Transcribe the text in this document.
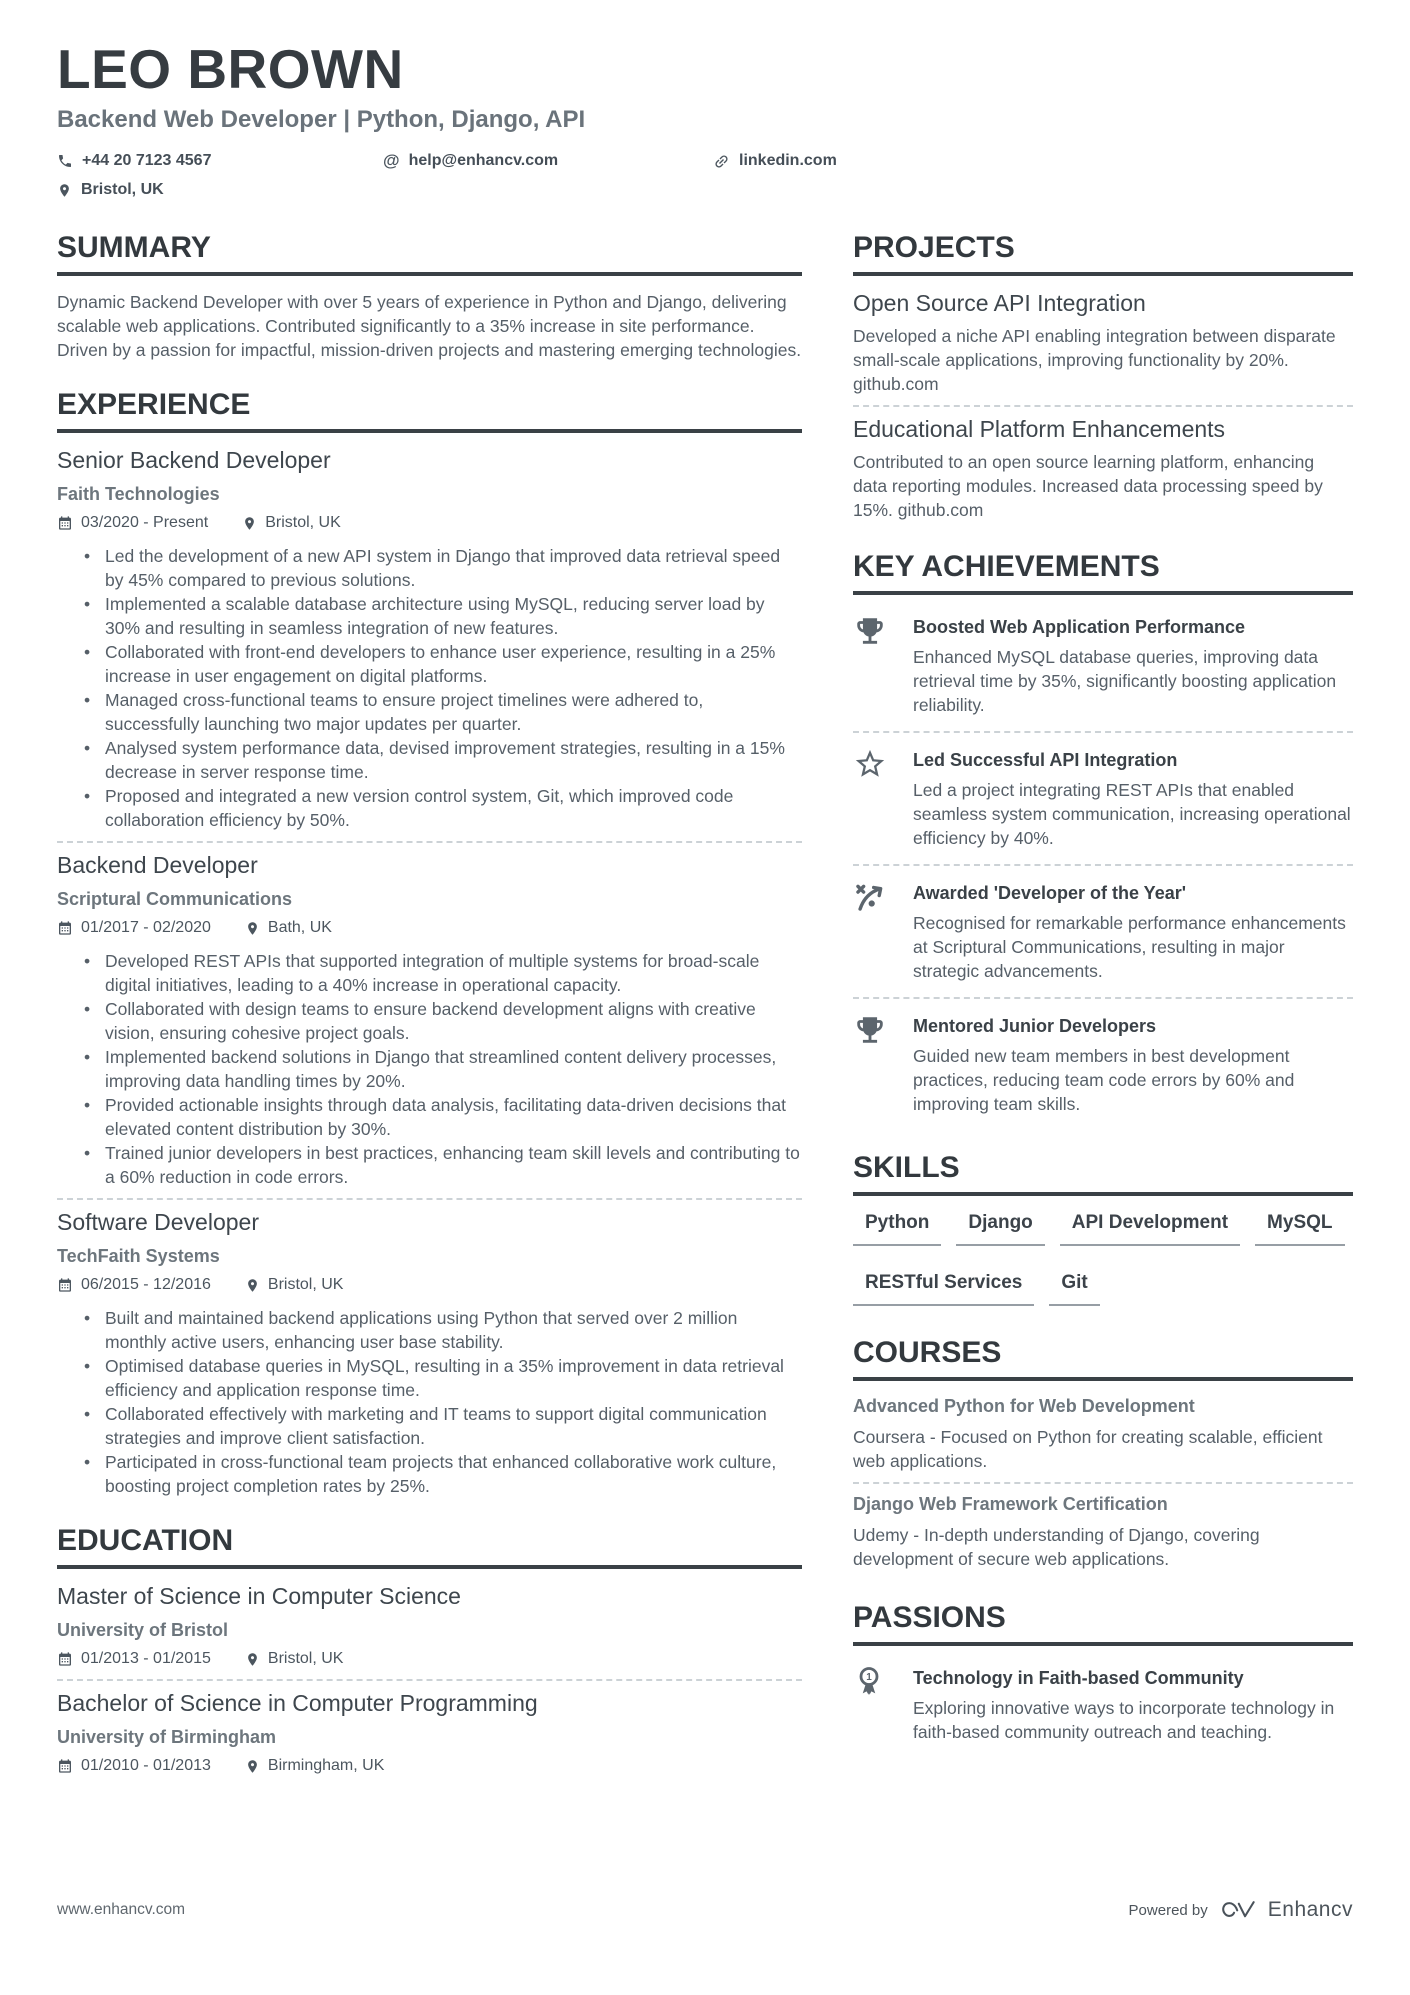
LEO BROWN
Backend Web Developer | Python, Django, API
+44 20 7123 4567	@ help@enhancv.com	linkedin.com
Bristol, UK
SUMMARY

Dynamic Backend Developer with over 5 years of experience in Python and Django, delivering scalable web applications. Contributed significantly to a 35% increase in site performance. Driven by a passion for impactful, mission-driven projects and mastering emerging technologies.

EXPERIENCE
Senior Backend Developer
Faith Technologies
03/2020 - Present	Bristol, UK
• Led the development of a new API system in Django that improved data retrieval speed by 45% compared to previous solutions.
• Implemented a scalable database architecture using MySQL, reducing server load by 30% and resulting in seamless integration of new features.
• Collaborated with front-end developers to enhance user experience, resulting in a 25% increase in user engagement on digital platforms.
• Managed cross-functional teams to ensure project timelines were adhered to, successfully launching two major updates per quarter.
• Analysed system performance data, devised improvement strategies, resulting in a 15% decrease in server response time.
• Proposed and integrated a new version control system, Git, which improved code collaboration efficiency by 50%.
Backend Developer
Scriptural Communications
01/2017 - 02/2020	Bath, UK
• Developed REST APIs that supported integration of multiple systems for broad-scale digital initiatives, leading to a 40% increase in operational capacity.
• Collaborated with design teams to ensure backend development aligns with creative vision, ensuring cohesive project goals.
• Implemented backend solutions in Django that streamlined content delivery processes, improving data handling times by 20%.
• Provided actionable insights through data analysis, facilitating data-driven decisions that elevated content distribution by 30%.
• Trained junior developers in best practices, enhancing team skill levels and contributing to a 60% reduction in code errors.
Software Developer
TechFaith Systems
06/2015 - 12/2016	Bristol, UK
• Built and maintained backend applications using Python that served over 2 million monthly active users, enhancing user base stability.
• Optimised database queries in MySQL, resulting in a 35% improvement in data retrieval efficiency and application response time.
• Collaborated effectively with marketing and IT teams to support digital communication strategies and improve client satisfaction.
• Participated in cross-functional team projects that enhanced collaborative work culture, boosting project completion rates by 25%.
EDUCATION
Master of Science in Computer Science
University of Bristol
01/2013 - 01/2015	Bristol, UK
Bachelor of Science in Computer Programming
University of Birmingham
01/2010 - 01/2013	Birmingham, UK
PROJECTS
Open Source API Integration

Developed a niche API enabling integration between disparate small-scale applications, improving functionality by 20%. github.com

Educational Platform Enhancements

Contributed to an open source learning platform, enhancing data reporting modules. Increased data processing speed by 15%. github.com

KEY ACHIEVEMENTS
Boosted Web Application Performance

Enhanced MySQL database queries, improving data retrieval time by 35%, significantly boosting application reliability.

Led Successful API Integration

Led a project integrating REST APIs that enabled seamless system communication, increasing operational efficiency by 40%.

Awarded 'Developer of the Year'

Recognised for remarkable performance enhancements at Scriptural Communications, resulting in major strategic advancements.

Mentored Junior Developers

Guided new team members in best development practices, reducing team code errors by 60% and improving team skills.

SKILLS
Python	Django	API Development	MySQL
RESTful Services	Git
COURSES
Advanced Python for Web Development

Coursera - Focused on Python for creating scalable, efficient web applications.

Django Web Framework Certification

Udemy - In-depth understanding of Django, covering development of secure web applications.

PASSIONS
1 Technology in Faith-based Community

Exploring innovative ways to incorporate technology in faith-based community outreach and teaching.

www.enhancv.com	Powered by	Enhancv
